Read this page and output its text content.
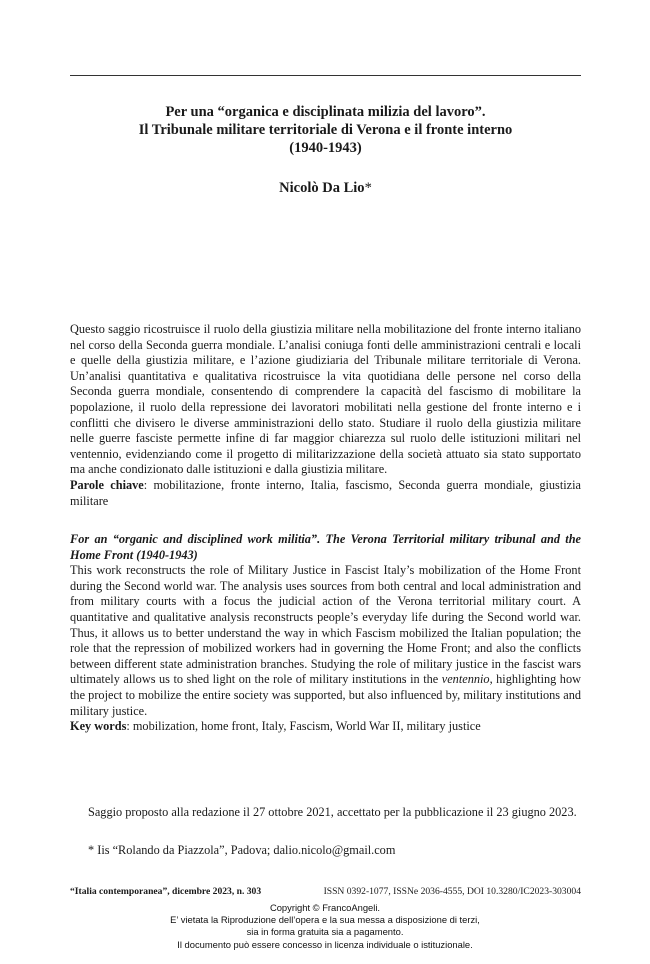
Per una “organica e disciplinata milizia del lavoro”.
Il Tribunale militare territoriale di Verona e il fronte interno
(1940-1943)
Nicolò Da Lio*
Questo saggio ricostruisce il ruolo della giustizia militare nella mobilitazione del fronte interno italiano nel corso della Seconda guerra mondiale. L’analisi coniuga fonti delle amministrazioni centrali e locali e quelle della giustizia militare, e l’azione giudiziaria del Tribunale militare territoriale di Verona. Un’analisi quantitativa e qualitativa ricostruisce la vita quotidiana delle persone nel corso della Seconda guerra mondiale, consentendo di comprendere la capacità del fascismo di mobilitare la popolazione, il ruolo della repressione dei lavoratori mobilitati nella gestione del fronte interno e i conflitti che divisero le diverse amministrazioni dello stato. Studiare il ruolo della giustizia militare nelle guerre fasciste permette infine di far maggior chiarezza sul ruolo delle istituzioni militari nel ventennio, evidenziando come il progetto di militarizzazione della società attuato sia stato supportato ma anche condizionato dalle istituzioni e dalla giustizia militare.
Parole chiave: mobilitazione, fronte interno, Italia, fascismo, Seconda guerra mondiale, giustizia militare
For an “organic and disciplined work militia”. The Verona Territorial military tribunal and the Home Front (1940-1943)
This work reconstructs the role of Military Justice in Fascist Italy’s mobilization of the Home Front during the Second world war. The analysis uses sources from both central and local administration and from military courts with a focus the judicial action of the Verona territorial military court. A quantitative and qualitative analysis reconstructs people’s everyday life during the Second world war. Thus, it allows us to better understand the way in which Fascism mobilized the Italian population; the role that the repression of mobilized workers had in governing the Home Front; and also the conflicts between different state administration branches. Studying the role of military justice in the fascist wars ultimately allows us to shed light on the role of military institutions in the ventennio, highlighting how the project to mobilize the entire society was supported, but also influenced by, military institutions and military justice.
Key words: mobilization, home front, Italy, Fascism, World War II, military justice
Saggio proposto alla redazione il 27 ottobre 2021, accettato per la pubblicazione il 23 giugno 2023.
* Iis “Rolando da Piazzola”, Padova; dalio.nicolo@gmail.com
“Italia contemporanea”, dicembre 2023, n. 303	ISSN 0392-1077, ISSNe 2036-4555, DOI 10.3280/IC2023-303004
Copyright © FrancoAngeli.
E’ vietata la Riproduzione dell’opera e la sua messa a disposizione di terzi,
sia in forma gratuita sia a pagamento.
Il documento può essere concesso in licenza individuale o istituzionale.
